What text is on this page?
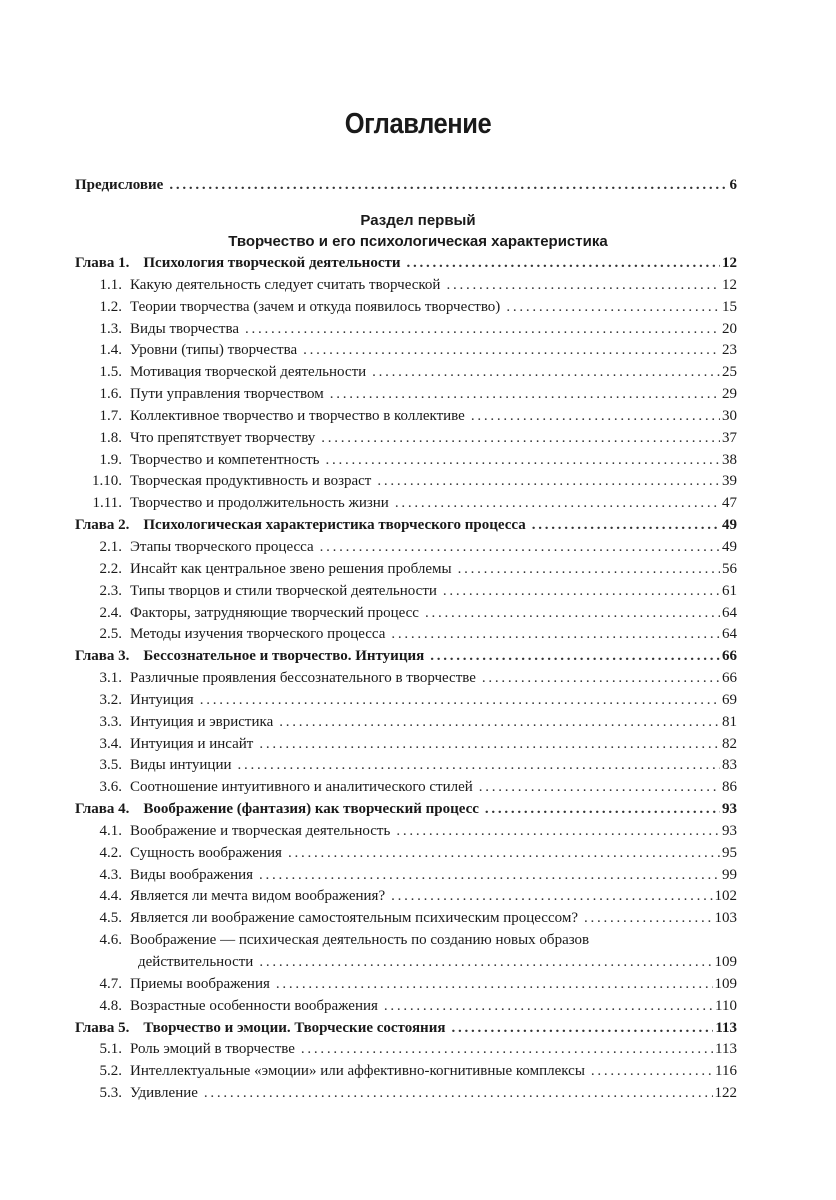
Оглавление
Предисловие . . .	6
Раздел первый
Творчество и его психологическая характеристика
Глава 1. Психология творческой деятельности . . .	12
1.1. Какую деятельность следует считать творческой . . .	12
1.2. Теории творчества (зачем и откуда появилось творчество) . . .	15
1.3. Виды творчества . . .	20
1.4. Уровни (типы) творчества . . .	23
1.5. Мотивация творческой деятельности . . .	25
1.6. Пути управления творчеством . . .	29
1.7. Коллективное творчество и творчество в коллективе . . .	30
1.8. Что препятствует творчеству . . .	37
1.9. Творчество и компетентность . . .	38
1.10. Творческая продуктивность и возраст . . .	39
1.11. Творчество и продолжительность жизни . . .	47
Глава 2. Психологическая характеристика творческого процесса . . .	49
2.1. Этапы творческого процесса . . .	49
2.2. Инсайт как центральное звено решения проблемы . . .	56
2.3. Типы творцов и стили творческой деятельности . . .	61
2.4. Факторы, затрудняющие творческий процесс . . .	64
2.5. Методы изучения творческого процесса . . .	64
Глава 3. Бессознательное и творчество. Интуиция . . .	66
3.1. Различные проявления бессознательного в творчестве . . .	66
3.2. Интуиция . . .	69
3.3. Интуиция и эвристика . . .	81
3.4. Интуиция и инсайт . . .	82
3.5. Виды интуиции . . .	83
3.6. Соотношение интуитивного и аналитического стилей . . .	86
Глава 4. Воображение (фантазия) как творческий процесс . . .	93
4.1. Воображение и творческая деятельность . . .	93
4.2. Сущность воображения . . .	95
4.3. Виды воображения . . .	99
4.4. Является ли мечта видом воображения? . . .	102
4.5. Является ли воображение самостоятельным психическим процессом? . . .	103
4.6. Воображение — психическая деятельность по созданию новых образов
действительности . . .	109
4.7. Приемы воображения . . .	109
4.8. Возрастные особенности воображения . . .	110
Глава 5. Творчество и эмоции. Творческие состояния . . .	113
5.1. Роль эмоций в творчестве . . .	113
5.2. Интеллектуальные «эмоции» или аффективно-когнитивные комплексы . . .	116
5.3. Удивление . . .	122
